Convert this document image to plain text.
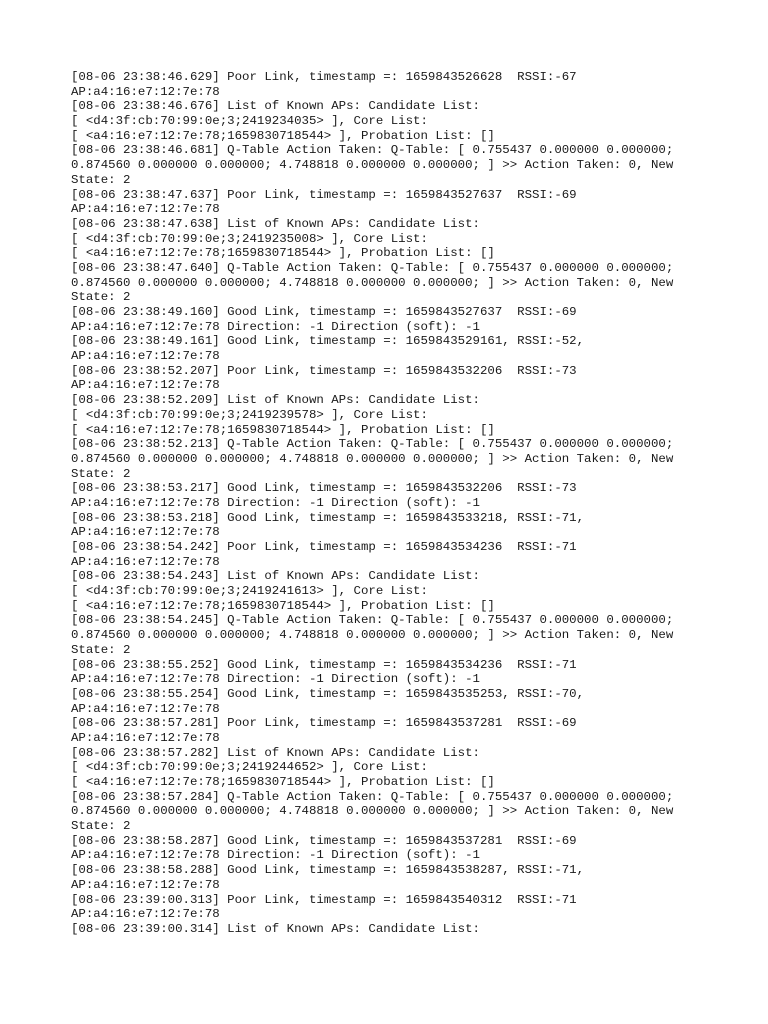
[08-06 23:38:46.629] Poor Link, timestamp =: 1659843526628  RSSI:-67

AP:a4:16:e7:12:7e:78

[08-06 23:38:46.676] List of Known APs: Candidate List:

[ <d4:3f:cb:70:99:0e;3;2419234035> ], Core List:

[ <a4:16:e7:12:7e:78;1659830718544> ], Probation List: []

[08-06 23:38:46.681] Q-Table Action Taken: Q-Table: [ 0.755437 0.000000 0.000000;

0.874560 0.000000 0.000000; 4.748818 0.000000 0.000000; ] >> Action Taken: 0, New

State: 2

[08-06 23:38:47.637] Poor Link, timestamp =: 1659843527637  RSSI:-69

AP:a4:16:e7:12:7e:78

[08-06 23:38:47.638] List of Known APs: Candidate List:

[ <d4:3f:cb:70:99:0e;3;2419235008> ], Core List:

[ <a4:16:e7:12:7e:78;1659830718544> ], Probation List: []

[08-06 23:38:47.640] Q-Table Action Taken: Q-Table: [ 0.755437 0.000000 0.000000;

0.874560 0.000000 0.000000; 4.748818 0.000000 0.000000; ] >> Action Taken: 0, New

State: 2

[08-06 23:38:49.160] Good Link, timestamp =: 1659843527637  RSSI:-69

AP:a4:16:e7:12:7e:78 Direction: -1 Direction (soft): -1

[08-06 23:38:49.161] Good Link, timestamp =: 1659843529161, RSSI:-52,

AP:a4:16:e7:12:7e:78

[08-06 23:38:52.207] Poor Link, timestamp =: 1659843532206  RSSI:-73

AP:a4:16:e7:12:7e:78

[08-06 23:38:52.209] List of Known APs: Candidate List:

[ <d4:3f:cb:70:99:0e;3;2419239578> ], Core List:

[ <a4:16:e7:12:7e:78;1659830718544> ], Probation List: []

[08-06 23:38:52.213] Q-Table Action Taken: Q-Table: [ 0.755437 0.000000 0.000000;

0.874560 0.000000 0.000000; 4.748818 0.000000 0.000000; ] >> Action Taken: 0, New

State: 2

[08-06 23:38:53.217] Good Link, timestamp =: 1659843532206  RSSI:-73

AP:a4:16:e7:12:7e:78 Direction: -1 Direction (soft): -1

[08-06 23:38:53.218] Good Link, timestamp =: 1659843533218, RSSI:-71,

AP:a4:16:e7:12:7e:78

[08-06 23:38:54.242] Poor Link, timestamp =: 1659843534236  RSSI:-71

AP:a4:16:e7:12:7e:78

[08-06 23:38:54.243] List of Known APs: Candidate List:

[ <d4:3f:cb:70:99:0e;3;2419241613> ], Core List:

[ <a4:16:e7:12:7e:78;1659830718544> ], Probation List: []

[08-06 23:38:54.245] Q-Table Action Taken: Q-Table: [ 0.755437 0.000000 0.000000;

0.874560 0.000000 0.000000; 4.748818 0.000000 0.000000; ] >> Action Taken: 0, New

State: 2

[08-06 23:38:55.252] Good Link, timestamp =: 1659843534236  RSSI:-71

AP:a4:16:e7:12:7e:78 Direction: -1 Direction (soft): -1

[08-06 23:38:55.254] Good Link, timestamp =: 1659843535253, RSSI:-70,

AP:a4:16:e7:12:7e:78

[08-06 23:38:57.281] Poor Link, timestamp =: 1659843537281  RSSI:-69

AP:a4:16:e7:12:7e:78

[08-06 23:38:57.282] List of Known APs: Candidate List:

[ <d4:3f:cb:70:99:0e;3;2419244652> ], Core List:

[ <a4:16:e7:12:7e:78;1659830718544> ], Probation List: []

[08-06 23:38:57.284] Q-Table Action Taken: Q-Table: [ 0.755437 0.000000 0.000000;

0.874560 0.000000 0.000000; 4.748818 0.000000 0.000000; ] >> Action Taken: 0, New

State: 2

[08-06 23:38:58.287] Good Link, timestamp =: 1659843537281  RSSI:-69

AP:a4:16:e7:12:7e:78 Direction: -1 Direction (soft): -1

[08-06 23:38:58.288] Good Link, timestamp =: 1659843538287, RSSI:-71,

AP:a4:16:e7:12:7e:78

[08-06 23:39:00.313] Poor Link, timestamp =: 1659843540312  RSSI:-71

AP:a4:16:e7:12:7e:78

[08-06 23:39:00.314] List of Known APs: Candidate List:
